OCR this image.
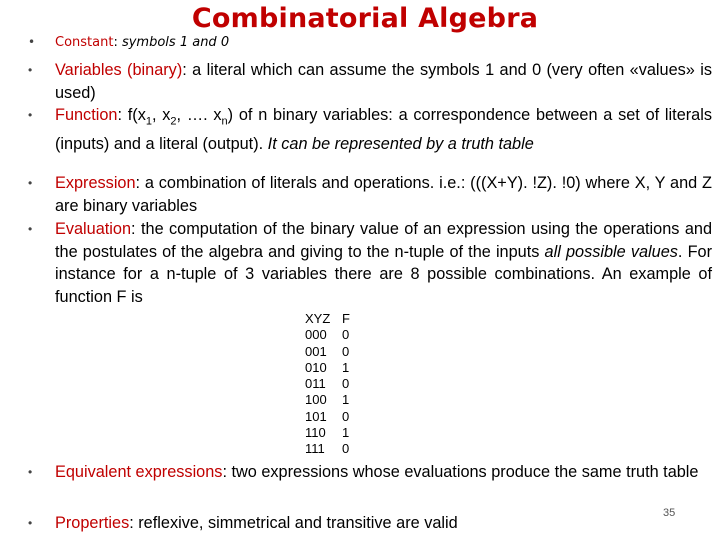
Combinatorial Algebra
•	Constant: symbols 1 and 0
•	Variables (binary): a literal which can assume the symbols 1 and 0 (very often «values» is used)
•	Function: $f(x_1$, $x_2$, …. $x_n$) of n binary variables: a correspondence between a set of literals (inputs) and a literal (output). It can be represented by a truth table
•	Expression: a combination of literals and operations. i.e.: (((X+Y). !Z). !0) where X, Y and Z are binary variables
•	Evaluation: the computation of the binary value of an expression using the operations and the postulates of the algebra and giving to the n-tuple of the inputs all possible values. For instance for a n-tuple of 3 variables there are 8 possible combinations. An example of function F is
XYZ F
000	0
001	0
010	1
011	0
100	1
101	0
110	1
111	0
•	Equivalent expressions: two expressions whose evaluations produce the same truth table
•	Properties: reflexive, simmetrical and transitive are valid
35
